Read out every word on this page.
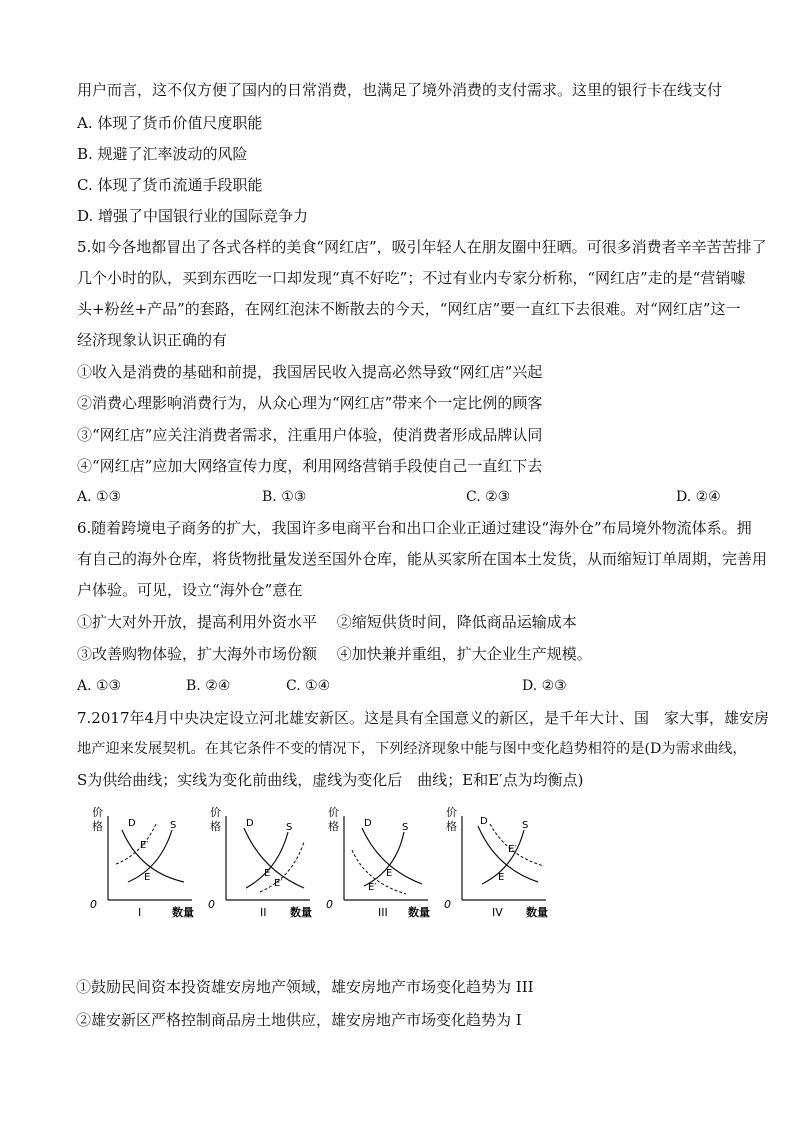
用户而言，这不仅方便了国内的日常消费，也满足了境外消费的支付需求。这里的银行卡在线支付
A. 体现了货币价值尺度职能
B. 规避了汇率波动的风险
C. 体现了货币流通手段职能
D. 增强了中国银行业的国际竞争力
5.如今各地都冒出了各式各样的美食“网红店”，吸引年轻人在朋友圈中狂晒。可很多消费者辛辛苦苦排了
几个小时的队，买到东西吃一口却发现“真不好吃”；不过有业内专家分析称，“网红店”走的是“营销噱
头+粉丝+产品”的套路，在网红泡沫不断散去的今天，“网红店”要一直红下去很难。对“网红店”这一
经济现象认识正确的有
①收入是消费的基础和前提，我国居民收入提高必然导致“网红店”兴起
②消费心理影响消费行为，从众心理为“网红店”带来个一定比例的顾客
③“网红店”应关注消费者需求，注重用户体验，使消费者形成品牌认同
④“网红店”应加大网络宣传力度，利用网络营销手段使自己一直红下去
A. ①③	B. ①③	C. ②③	D. ②④
6.随着跨境电子商务的扩大，我国许多电商平台和出口企业正通过建设“海外仓”布局境外物流体系。拥
有自己的海外仓库，将货物批量发送至国外仓库，能从买家所在国本土发货，从而缩短订单周期，完善用
户体验。可见，设立“海外仓”意在
①扩大对外开放，提高利用外资水平　 ②缩短供货时间，降低商品运输成本
③改善购物体验，扩大海外市场份额　 ④加快兼并重组，扩大企业生产规模。
A. ①③	B. ②④	C. ①④	D. ②③
7.2017年4月中央决定设立河北雄安新区。这是具有全国意义的新区，是千年大计、国　家大事，雄安房
地产迎来发展契机。在其它条件不变的情况下，下列经济现象中能与图中变化趋势相符的是(D为需求曲线，
S为供给曲线；实线为变化前曲线，虚线为变化后　曲线；E和E′点为均衡点)
价
格
0
D	S
E′
E
I	数量
价
格
0
D	S
E
E′
II 数量
价
格
0
D	S
E
E′
III 数量
价
格
0
D	S
E′
E
IV 数量
①鼓励民间资本投资雄安房地产领域，雄安房地产市场变化趋势为 III
②雄安新区严格控制商品房土地供应，雄安房地产市场变化趋势为 I
